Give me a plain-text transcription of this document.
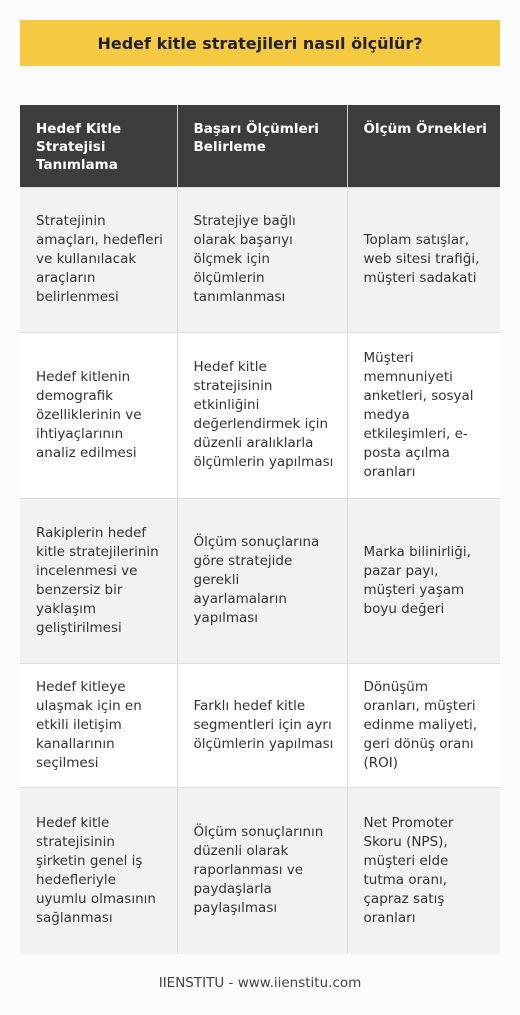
Hedef kitle stratejileri nasıl ölçülür?
Hedef Kitle Stratejisi Tanımlama	Başarı Ölçümleri Belirleme	Ölçüm Örnekleri
Stratejinin amaçları, hedefleri ve kullanılacak araçların belirlenmesi	Stratejiye bağlı olarak başarıyı ölçmek için ölçümlerin tanımlanması	Toplam satışlar, web sitesi trafiği, müşteri sadakati
Hedef kitlenin demografik özelliklerinin ve ihtiyaçlarının analiz edilmesi	Hedef kitle stratejisinin etkinliğini değerlendirmek için düzenli aralıklarla ölçümlerin yapılması	Müşteri memnuniyeti anketleri, sosyal medya etkileşimleri, e-posta açılma oranları
Rakiplerin hedef kitle stratejilerinin incelenmesi ve benzersiz bir yaklaşım geliştirilmesi	Ölçüm sonuçlarına göre stratejide gerekli ayarlamaların yapılması	Marka bilinirliği, pazar payı, müşteri yaşam boyu değeri
Hedef kitleye ulaşmak için en etkili iletişim kanallarının seçilmesi	Farklı hedef kitle segmentleri için ayrı ölçümlerin yapılması	Dönüşüm oranları, müşteri edinme maliyeti, geri dönüş oranı (ROI)
Hedef kitle stratejisinin şirketin genel iş hedefleriyle uyumlu olmasının sağlanması	Ölçüm sonuçlarının düzenli olarak raporlanması ve paydaşlarla paylaşılması	Net Promoter Skoru (NPS), müşteri elde tutma oranı, çapraz satış oranları
IIENSTITU - www.iienstitu.com
